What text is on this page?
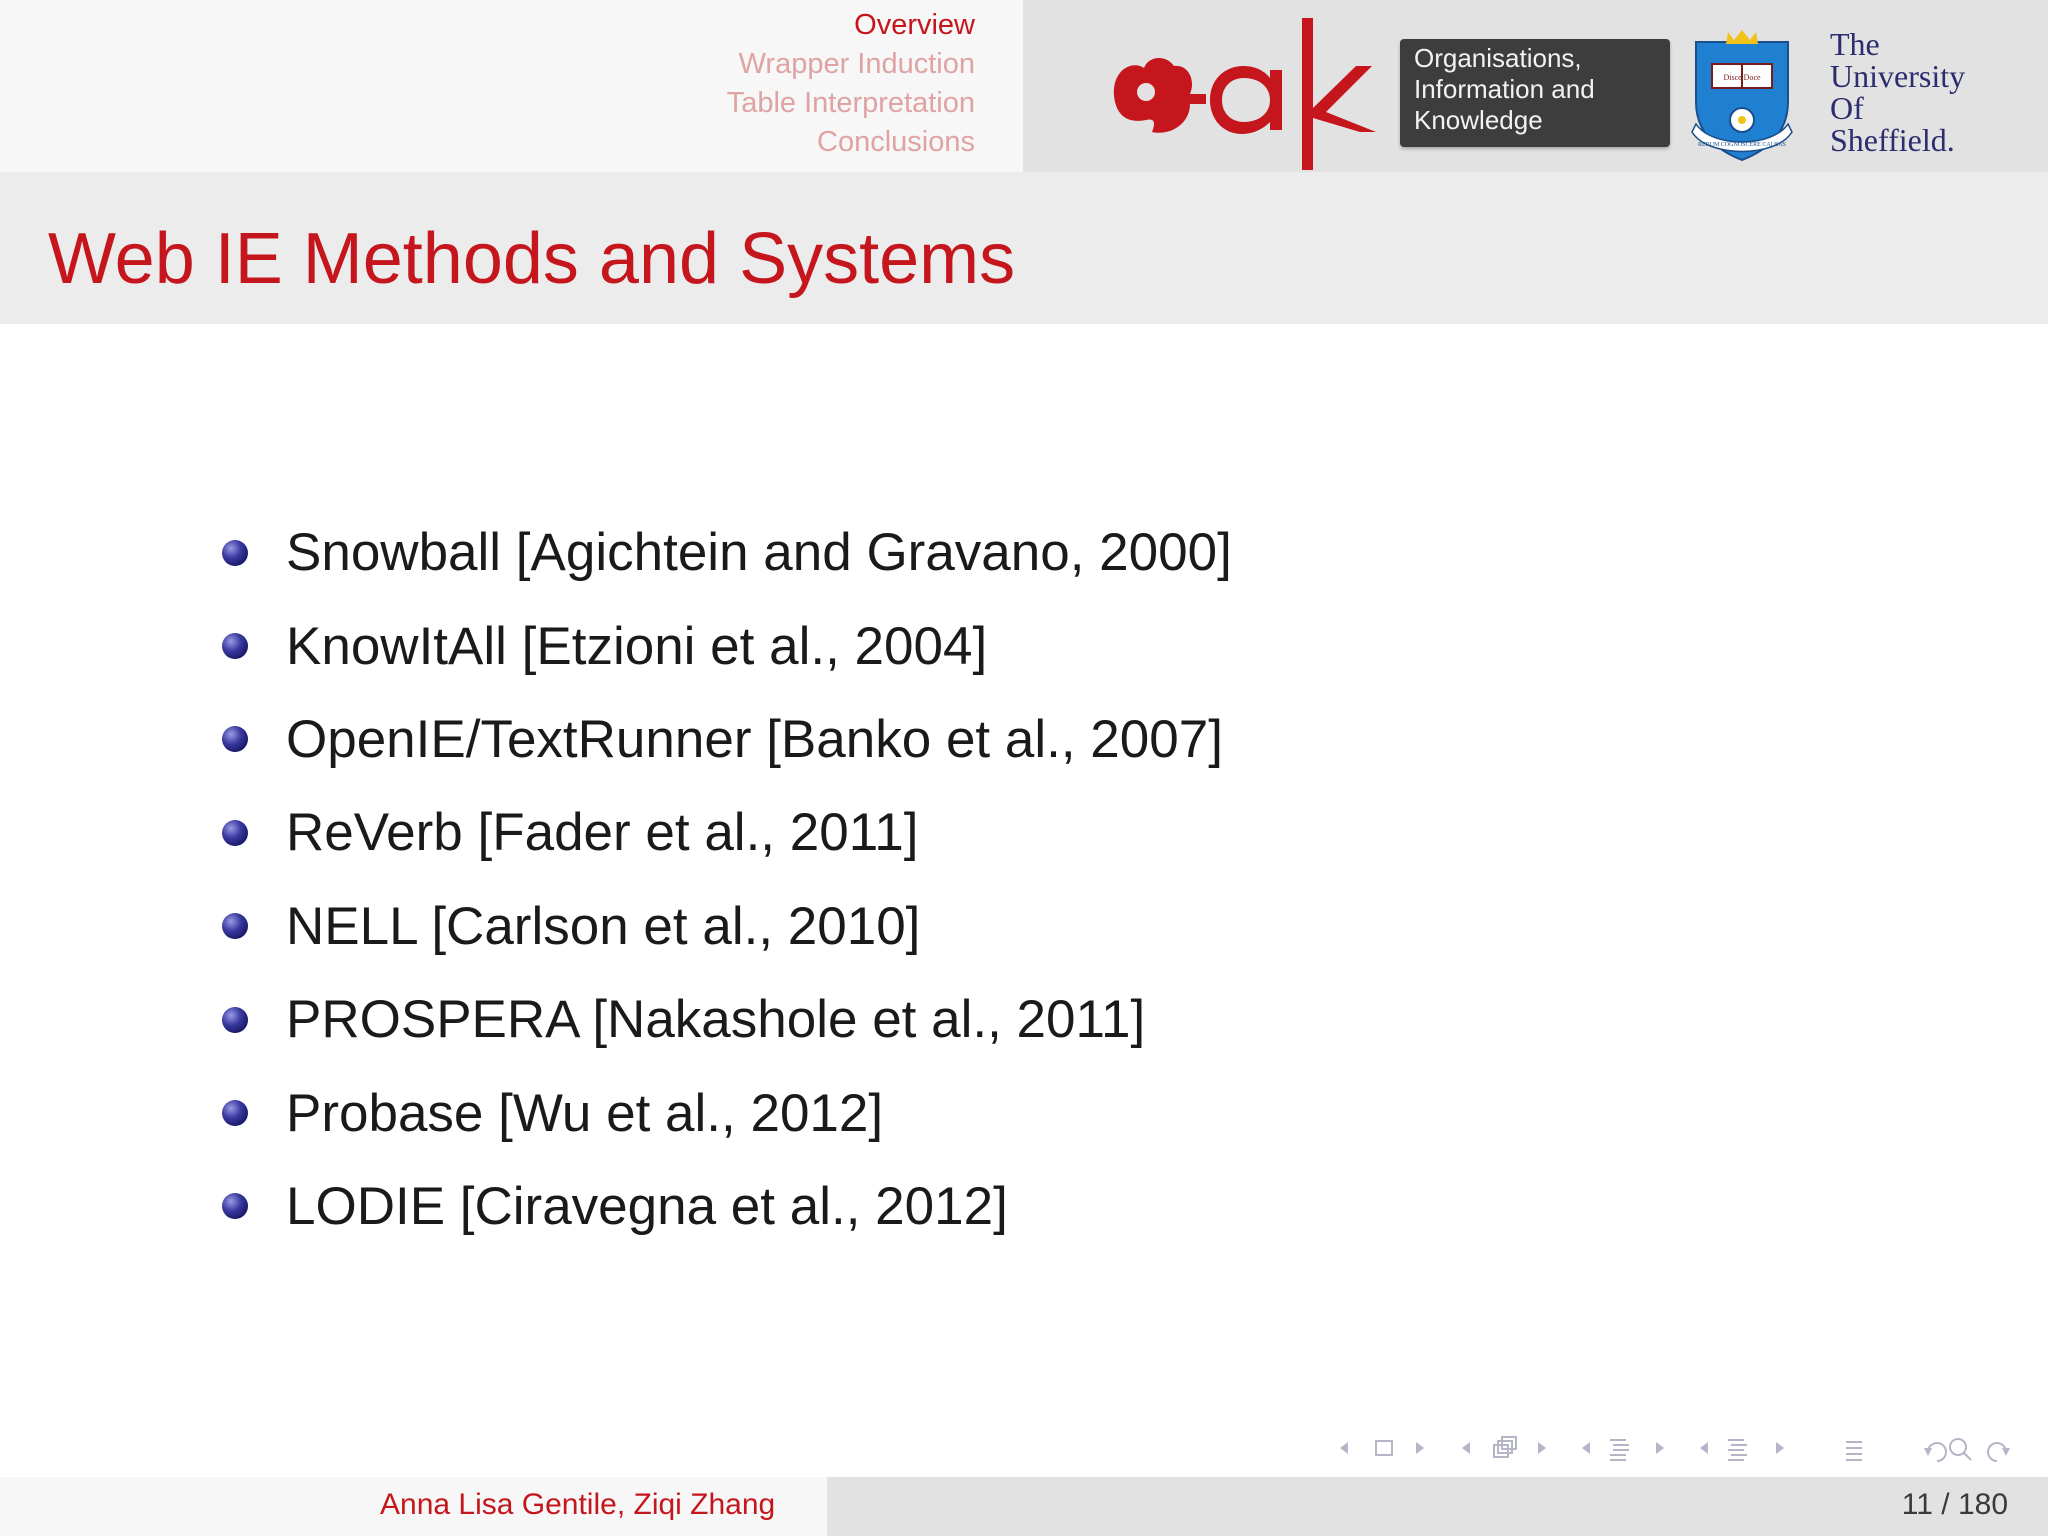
Overview
Wrapper Induction
Table Interpretation
Conclusions
Organisations,
Information and
Knowledge
Disce Doce
RERUM COGNOSCERE CAUSAS
The
University
Of
Sheffield.
Web IE Methods and Systems
Snowball [Agichtein and Gravano, 2000]
KnowItAll [Etzioni et al., 2004]
OpenIE/TextRunner [Banko et al., 2007]
ReVerb [Fader et al., 2011]
NELL [Carlson et al., 2010]
PROSPERA [Nakashole et al., 2011]
Probase [Wu et al., 2012]
LODIE [Ciravegna et al., 2012]
Anna Lisa Gentile, Ziqi Zhang	11 / 180
